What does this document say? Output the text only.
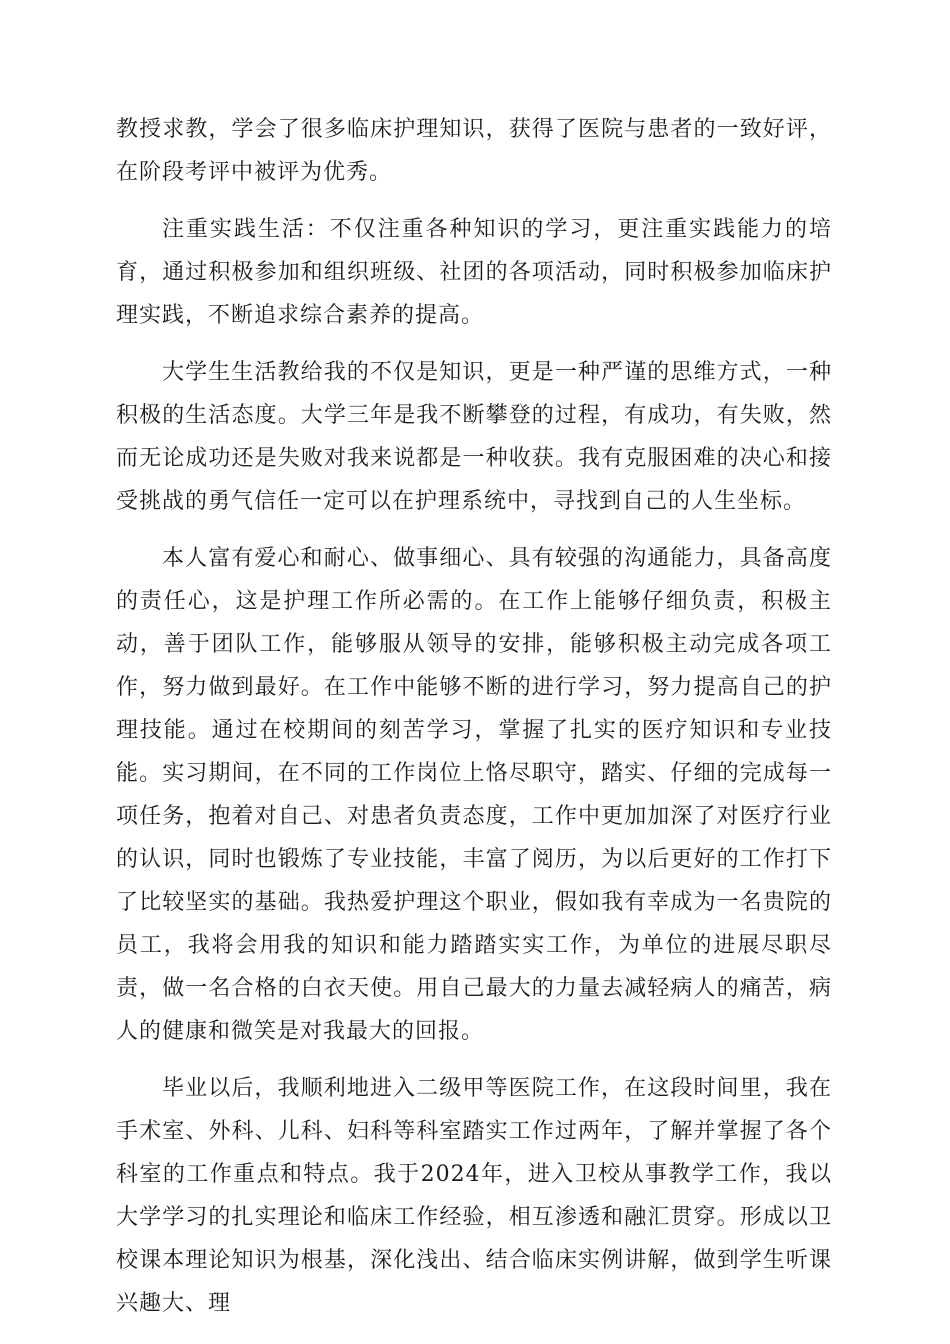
教授求教，学会了很多临床护理知识，获得了医院与患者的一致好评，在阶段考评中被评为优秀。

注重实践生活：不仅注重各种知识的学习，更注重实践能力的培育，通过积极参加和组织班级、社团的各项活动，同时积极参加临床护理实践，不断追求综合素养的提高。

大学生生活教给我的不仅是知识，更是一种严谨的思维方式，一种积极的生活态度。大学三年是我不断攀登的过程，有成功，有失败，然而无论成功还是失败对我来说都是一种收获。我有克服困难的决心和接受挑战的勇气信任一定可以在护理系统中，寻找到自己的人生坐标。

本人富有爱心和耐心、做事细心、具有较强的沟通能力，具备高度的责任心，这是护理工作所必需的。在工作上能够仔细负责，积极主动，善于团队工作，能够服从领导的安排，能够积极主动完成各项工作，努力做到最好。在工作中能够不断的进行学习，努力提高自己的护理技能。通过在校期间的刻苦学习，掌握了扎实的医疗知识和专业技能。实习期间，在不同的工作岗位上恪尽职守，踏实、仔细的完成每一项任务，抱着对自己、对患者负责态度，工作中更加加深了对医疗行业的认识，同时也锻炼了专业技能，丰富了阅历，为以后更好的工作打下了比较坚实的基础。我热爱护理这个职业，假如我有幸成为一名贵院的员工，我将会用我的知识和能力踏踏实实工作，为单位的进展尽职尽责，做一名合格的白衣天使。用自己最大的力量去减轻病人的痛苦，病人的健康和微笑是对我最大的回报。

毕业以后，我顺利地进入二级甲等医院工作，在这段时间里，我在手术室、外科、儿科、妇科等科室踏实工作过两年，了解并掌握了各个科室的工作重点和特点。我于2024年，进入卫校从事教学工作，我以大学学习的扎实理论和临床工作经验，相互渗透和融汇贯穿。形成以卫校课本理论知识为根基，深化浅出、结合临床实例讲解，做到学生听课兴趣大、理
